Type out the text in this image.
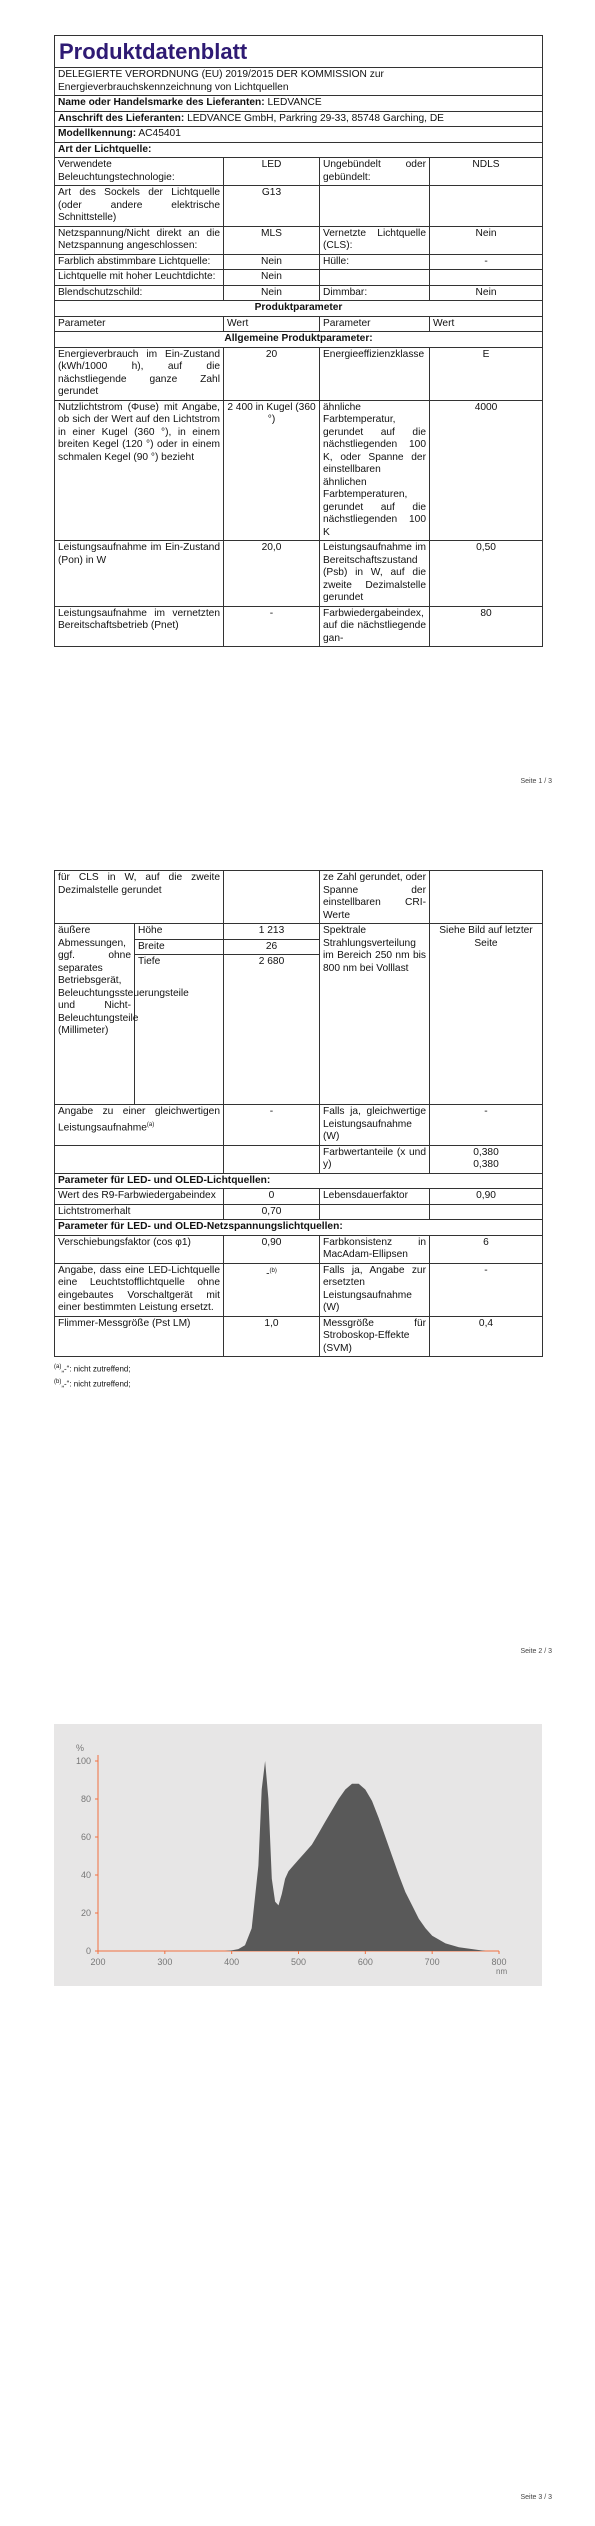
Produktdatenblatt			
DELEGIERTE VERORDNUNG (EU) 2019/2015 DER KOMMISSION zur Energieverbrauchskennzeichnung von Lichtquellen			
Name oder Handelsmarke des Lieferanten: LEDVANCE			
Anschrift des Lieferanten: LEDVANCE GmbH, Parkring 29-33, 85748 Garching, DE			
Modellkennung: AC45401			
Art der Lichtquelle:			
Verwendete Beleuchtungstechnologie:	LED	Ungebündelt oder gebündelt:	NDLS
Art des Sockels der Lichtquelle (oder andere elektrische Schnittstelle)	G13		
Netzspannung/Nicht direkt an die Netzspannung angeschlossen:	MLS	Vernetzte Lichtquelle (CLS):	Nein
Farblich abstimmbare Lichtquelle:	Nein	Hülle:	-
Lichtquelle mit hoher Leuchtdichte:	Nein		
Blendschutzschild:	Nein	Dimmbar:	Nein
Produktparameter			
Parameter	Wert	Parameter	Wert
Allgemeine Produktparameter:			
Energieverbrauch im Ein-Zustand (kWh/1000 h), auf die nächstliegende ganze Zahl gerundet	20	Energieeffizienzklasse	E
Nutzlichtstrom (Φuse) mit Angabe, ob sich der Wert auf den Lichtstrom in einer Kugel (360 °), in einem breiten Kegel (120 °) oder in einem schmalen Kegel (90 °) bezieht	2 400 in Kugel (360 °)	ähnliche Farbtemperatur, gerundet auf die nächstliegenden 100 K, oder Spanne der einstellbaren ähnlichen Farbtemperaturen, gerundet auf die nächstliegenden 100 K	4000
Leistungsaufnahme im Ein-Zustand (Pon) in W	20,0	Leistungsaufnahme im Bereitschaftszustand (Psb) in W, auf die zweite Dezimalstelle gerundet	0,50
Leistungsaufnahme im vernetzten Bereitschaftsbetrieb (Pnet)	-	Farbwiedergabeindex, auf die nächstliegende gan-	80
Seite 1 / 3
für CLS in W, auf die zweite Dezimalstelle gerundet			ze Zahl gerundet, oder Spanne der einstellbaren CRI-Werte	
äußere Abmessungen, ggf. ohne separates Betriebsgerät, Beleuchtungssteuerungsteile und Nicht-Beleuchtungsteile (Millimeter)	Höhe	1 213	Spektrale Strahlungsverteilung im Bereich 250 nm bis 800 nm bei Volllast	Siehe Bild auf letzter Seite
	Breite	26		
	Tiefe	2 680		
Angabe zu einer gleichwertigen Leistungsaufnahme$^{(a)}$		-	Falls ja, gleichwertige Leistungsaufnahme (W)	-
			Farbwertanteile (x und y)	0,380
0,380

Parameter für LED- und OLED-Lichtquellen:				
Wert des R9-Farbwiedergabeindex		0	Lebensdauerfaktor	0,90
Lichtstromerhalt		0,70		
Parameter für LED- und OLED-Netzspannungslichtquellen:				
Verschiebungsfaktor (cos φ1)		0,90	Farbkonsistenz in MacAdam-Ellipsen	6
Angabe, dass eine LED-Lichtquelle eine Leuchtstofflichtquelle ohne eingebautes Vorschaltgerät mit einer bestimmten Leistung ersetzt.		-$^{(b)}$	Falls ja, Angabe zur ersetzten Leistungsaufnahme (W)	-
Flimmer-Messgröße (Pst LM)		1,0	Messgröße für Stroboskop-Effekte (SVM)	0,4
$^{(a)}$„-“: nicht zutreffend;
$^{(b)}$„-“: nicht zutreffend;
Seite 2 / 3
0
20
40
60
80
100
200	300	400	500	600	700	800
%
nm
Seite 3 / 3
